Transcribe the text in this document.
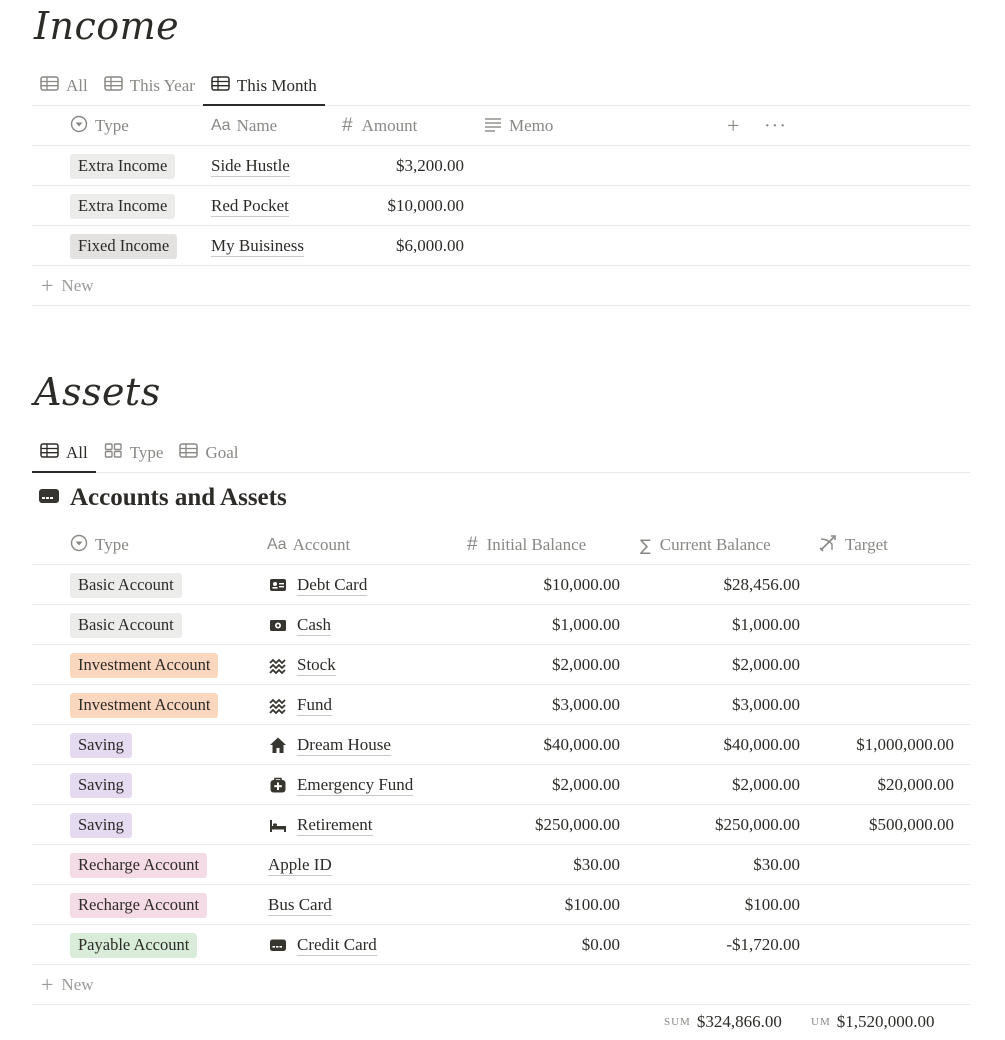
Income
All This Year This Month
Type	Aa Name	# Amount	Memo	+ ···
Extra Income	Side Hustle	$3,200.00
Extra Income	Red Pocket	$10,000.00
Fixed Income	My Buisiness	$6,000.00
+ New
Assets
All Type Goal
Accounts and Assets
Type	Aa Account	# Initial Balance	∑ Current Balance	Target
Basic Account	Debt Card	$10,000.00	$28,456.00
Basic Account	Cash	$1,000.00	$1,000.00
Investment Account	Stock	$2,000.00	$2,000.00
Investment Account	Fund	$3,000.00	$3,000.00
Saving	Dream House	$40,000.00	$40,000.00	$1,000,000.00
Saving	Emergency Fund	$2,000.00	$2,000.00	$20,000.00
Saving	Retirement	$250,000.00	$250,000.00	$500,000.00
Recharge Account	Apple ID	$30.00	$30.00
Recharge Account	Bus Card	$100.00	$100.00
Payable Account	Credit Card	$0.00	-$1,720.00
+ New
SUM $324,866.00	UM $1,520,000.00
